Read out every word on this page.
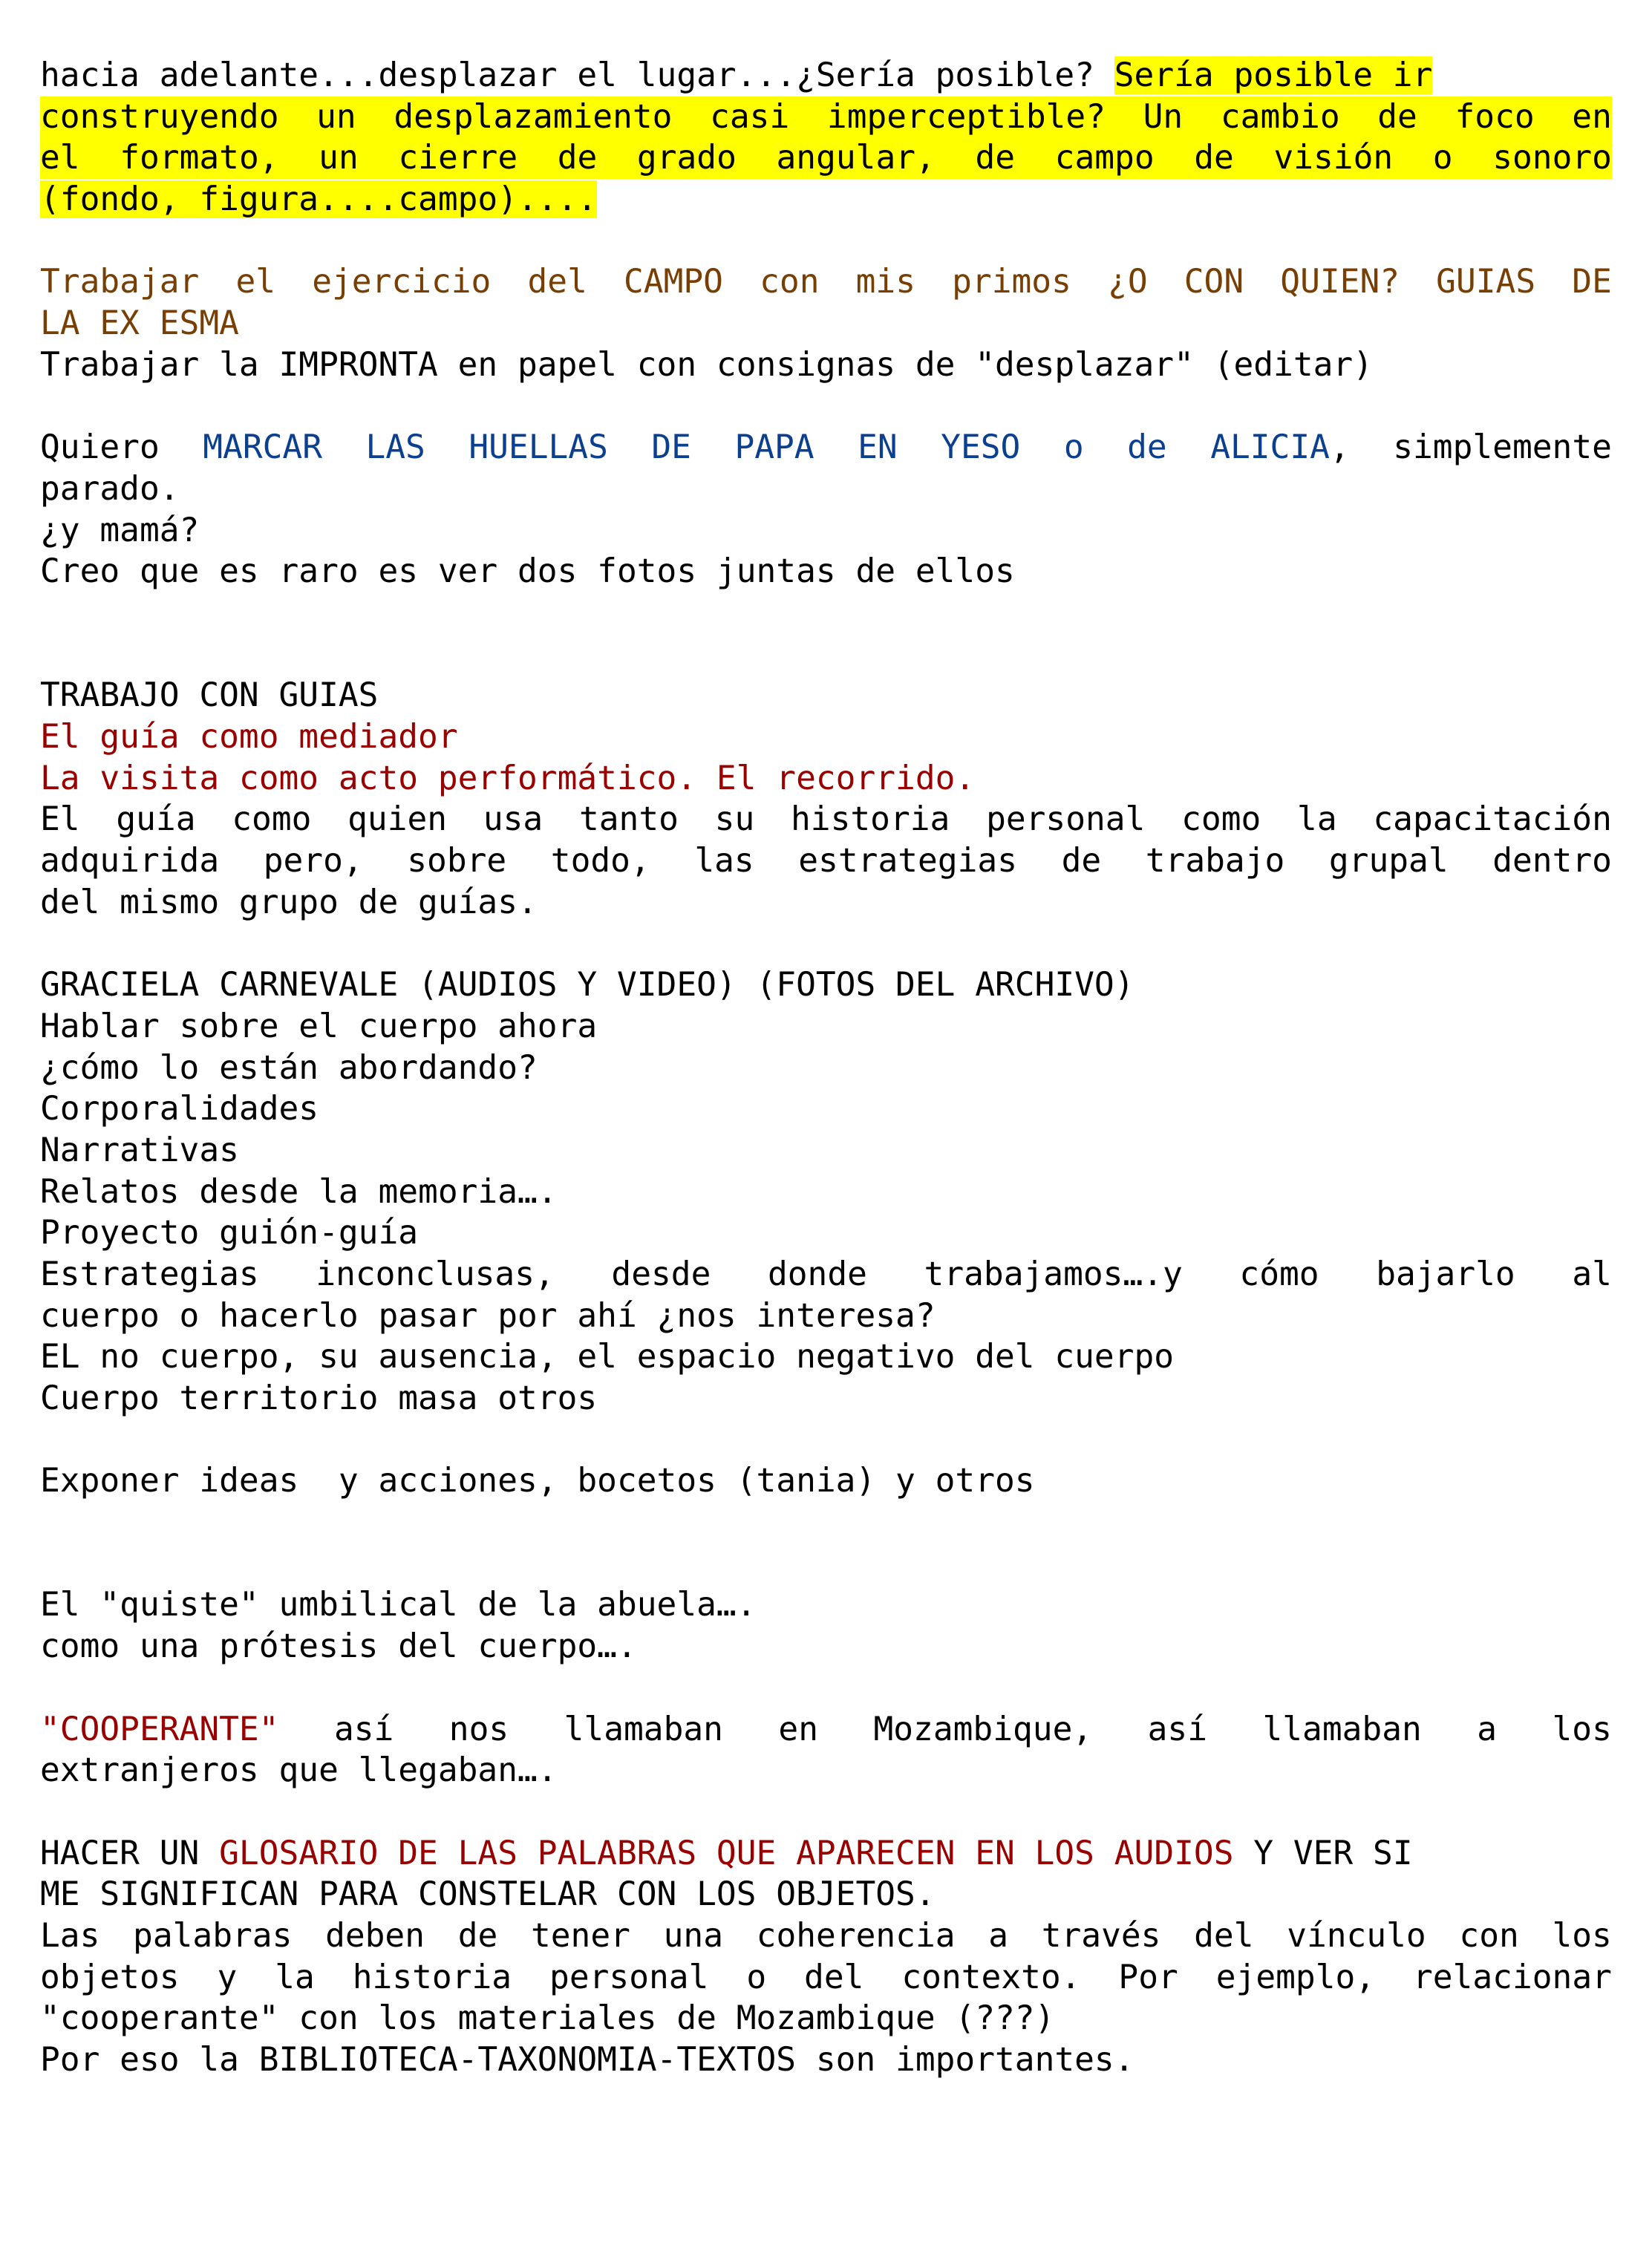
hacia adelante...desplazar el lugar...¿Sería posible? Sería posible ir
construyendo un desplazamiento casi imperceptible? Un cambio de foco en
el formato, un cierre de grado angular, de campo de visión o sonoro
(fondo, figura....campo)....
Trabajar el ejercicio del CAMPO con mis primos ¿O CON QUIEN? GUIAS DE
LA EX ESMA
Trabajar la IMPRONTA en papel con consignas de "desplazar" (editar)
Quiero MARCAR LAS HUELLAS DE PAPA EN YESO o de ALICIA, simplemente
parado.
¿y mamá?
Creo que es raro es ver dos fotos juntas de ellos
TRABAJO CON GUIAS
El guía como mediador
La visita como acto performático. El recorrido.
El guía como quien usa tanto su historia personal como la capacitación
adquirida pero, sobre todo, las estrategias de trabajo grupal dentro
del mismo grupo de guías.
GRACIELA CARNEVALE (AUDIOS Y VIDEO) (FOTOS DEL ARCHIVO)
Hablar sobre el cuerpo ahora
¿cómo lo están abordando?
Corporalidades
Narrativas
Relatos desde la memoria….
Proyecto guión-guía
Estrategias inconclusas, desde donde trabajamos….y cómo bajarlo al
cuerpo o hacerlo pasar por ahí ¿nos interesa?
EL no cuerpo, su ausencia, el espacio negativo del cuerpo
Cuerpo territorio masa otros
Exponer ideas  y acciones, bocetos (tania) y otros
El "quiste" umbilical de la abuela….
como una prótesis del cuerpo….
"COOPERANTE" así nos llamaban en Mozambique, así llamaban a los
extranjeros que llegaban….
HACER UN GLOSARIO DE LAS PALABRAS QUE APARECEN EN LOS AUDIOS Y VER SI
ME SIGNIFICAN PARA CONSTELAR CON LOS OBJETOS.
Las palabras deben de tener una coherencia a través del vínculo con los
objetos y la historia personal o del contexto. Por ejemplo, relacionar
"cooperante" con los materiales de Mozambique (???)
Por eso la BIBLIOTECA-TAXONOMIA-TEXTOS son importantes.
